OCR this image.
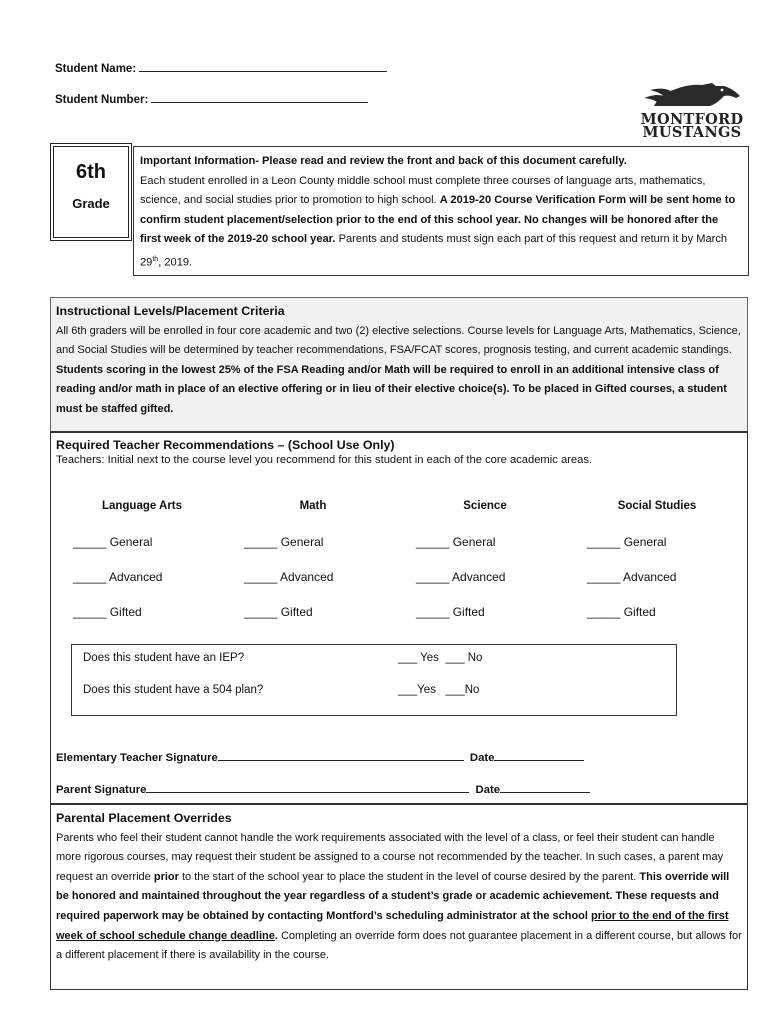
Student Name:
Student Number:
MONTFORD
MUSTANGS
6th
Grade
Important Information- Please read and review the front and back of this document carefully.
Each student enrolled in a Leon County middle school must complete three courses of language arts, mathematics, science, and social studies prior to promotion to high school. A 2019-20 Course Verification Form will be sent home to confirm student placement/selection prior to the end of this school year. No changes will be honored after the first week of the 2019-20 school year. Parents and students must sign each part of this request and return it by March 29th, 2019.
Instructional Levels/Placement Criteria
All 6th graders will be enrolled in four core academic and two (2) elective selections. Course levels for Language Arts, Mathematics, Science, and Social Studies will be determined by teacher recommendations, FSA/FCAT scores, prognosis testing, and current academic standings. Students scoring in the lowest 25% of the FSA Reading and/or Math will be required to enroll in an additional intensive class of reading and/or math in place of an elective offering or in lieu of their elective choice(s). To be placed in Gifted courses, a student must be staffed gifted.
Required Teacher Recommendations – (School Use Only)
Teachers: Initial next to the course level you recommend for this student in each of the core academic areas.
Language Arts	Math	Science	Social Studies
_____ General	_____ General	_____ General	_____ General
_____ Advanced	_____ Advanced	_____ Advanced	_____ Advanced
_____ Gifted	_____ Gifted	_____ Gifted	_____ Gifted
Does this student have an IEP?	___ Yes  ___ No
Does this student have a 504 plan?	___Yes   ___No
Elementary Teacher Signature	Date
Parent Signature	Date
Parental Placement Overrides
Parents who feel their student cannot handle the work requirements associated with the level of a class, or feel their student can handle more rigorous courses, may request their student be assigned to a course not recommended by the teacher. In such cases, a parent may request an override prior to the start of the school year to place the student in the level of course desired by the parent. This override will be honored and maintained throughout the year regardless of a student’s grade or academic achievement. These requests and required paperwork may be obtained by contacting Montford’s scheduling administrator at the school prior to the end of the first week of school schedule change deadline. Completing an override form does not guarantee placement in a different course, but allows for a different placement if there is availability in the course.
